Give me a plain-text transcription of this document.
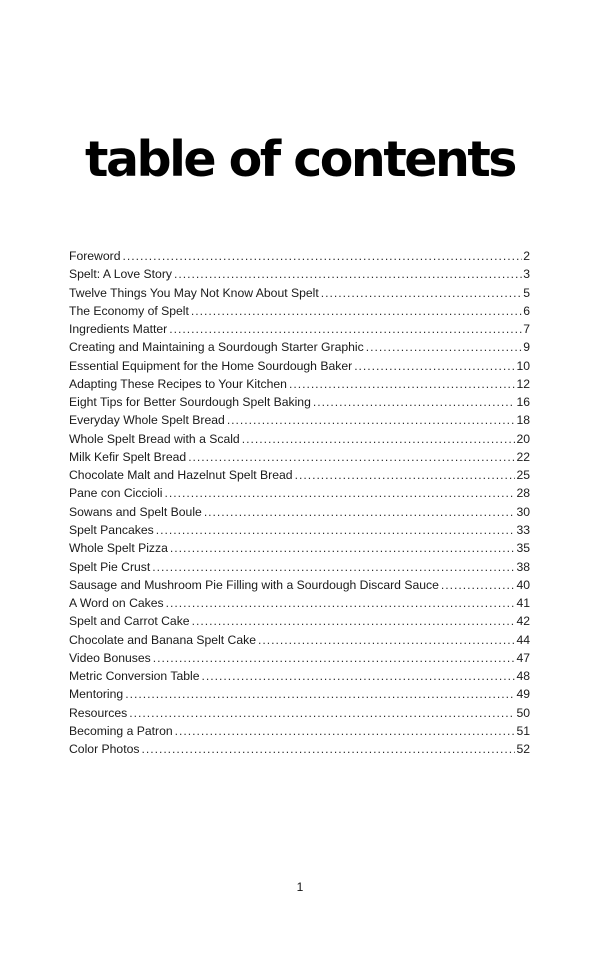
table of contents
Foreword . . .	2
Spelt: A Love Story . . .	3
Twelve Things You May Not Know About Spelt . . .	5
The Economy of Spelt . . .	6
Ingredients Matter . . .	7
Creating and Maintaining a Sourdough Starter Graphic . . .	9
Essential Equipment for the Home Sourdough Baker . . .	10
Adapting These Recipes to Your Kitchen . . .	12
Eight Tips for Better Sourdough Spelt Baking . . .	16
Everyday Whole Spelt Bread . . .	18
Whole Spelt Bread with a Scald . . .	20
Milk Kefir Spelt Bread . . .	22
Chocolate Malt and Hazelnut Spelt Bread . . .	25
Pane con Ciccioli . . .	28
Sowans and Spelt Boule . . .	30
Spelt Pancakes . . .	33
Whole Spelt Pizza . . .	35
Spelt Pie Crust . . .	38
Sausage and Mushroom Pie Filling with a Sourdough Discard Sauce . . .	40
A Word on Cakes . . .	41
Spelt and Carrot Cake . . .	42
Chocolate and Banana Spelt Cake . . .	44
Video Bonuses . . .	47
Metric Conversion Table . . .	48
Mentoring . . .	49
Resources . . .	50
Becoming a Patron . . .	51
Color Photos . . .	52
1
